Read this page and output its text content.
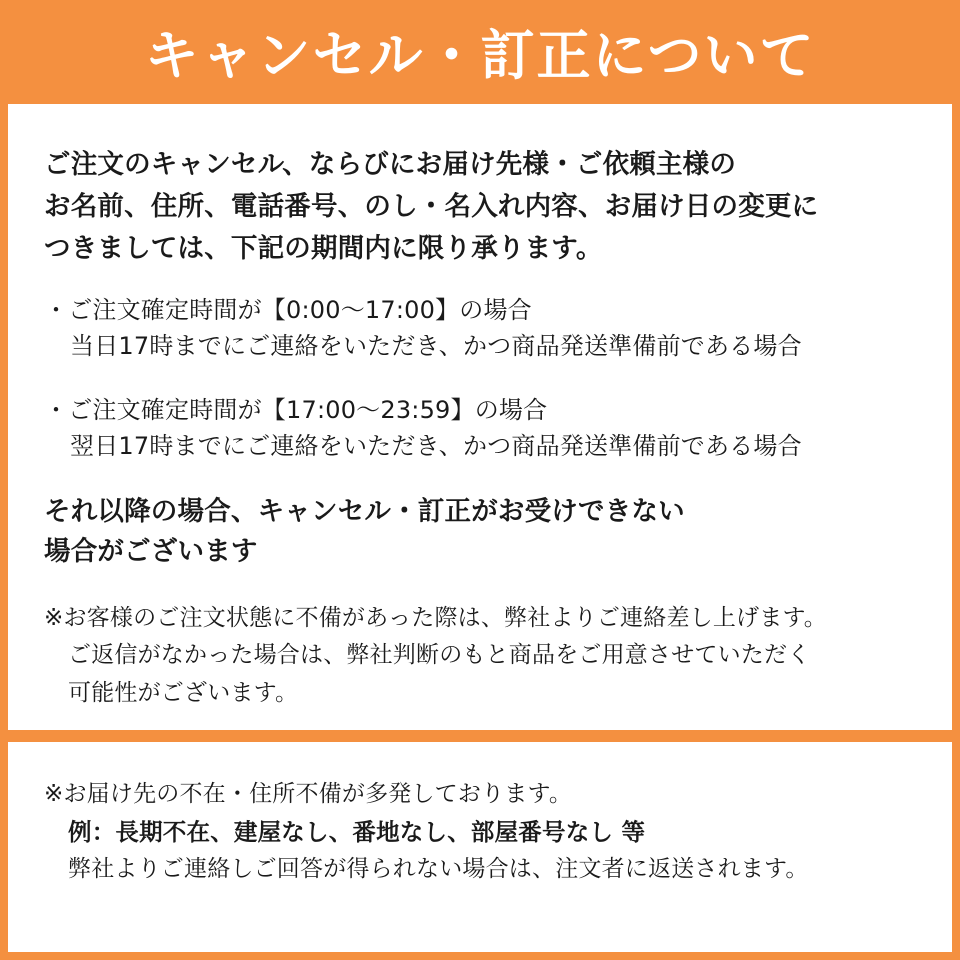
キャンセル・訂正について
ご注文のキャンセル、ならびにお届け先様・ご依頼主様の
お名前、住所、電話番号、のし・名入れ内容、お届け日の変更に
つきましては、下記の期間内に限り承ります。
・ご注文確定時間が【0:00〜17:00】の場合
当日17時までにご連絡をいただき、かつ商品発送準備前である場合
・ご注文確定時間が【17:00〜23:59】の場合
翌日17時までにご連絡をいただき、かつ商品発送準備前である場合
それ以降の場合、キャンセル・訂正がお受けできない
場合がございます
※お客様のご注文状態に不備があった際は、弊社よりご連絡差し上げます。
ご返信がなかった場合は、弊社判断のもと商品をご用意させていただく
可能性がございます。
※お届け先の不在・住所不備が多発しております。
例：長期不在、建屋なし、番地なし、部屋番号なし 等
弊社よりご連絡しご回答が得られない場合は、注文者に返送されます。
